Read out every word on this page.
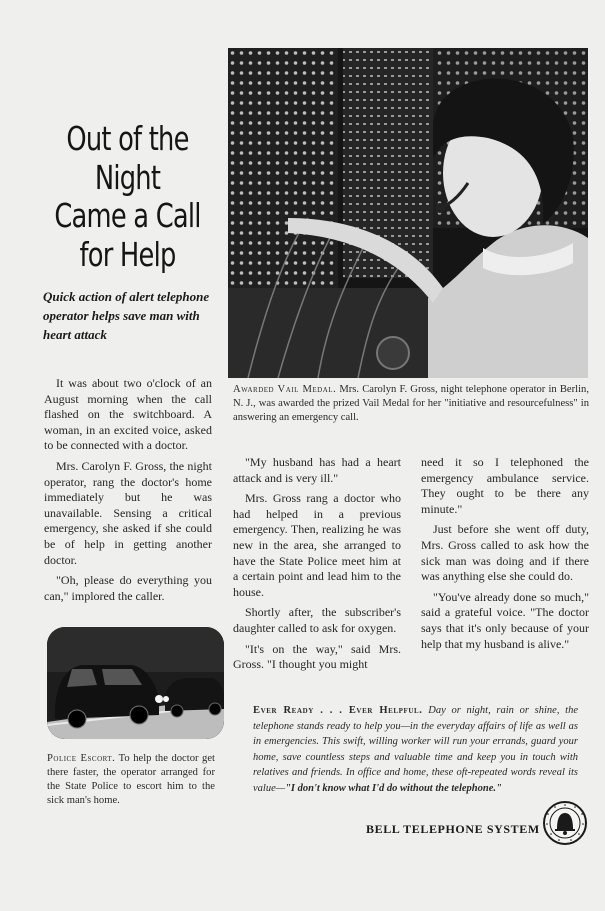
Out of the Night
Came a Call
for Help
Quick action of alert telephone operator helps save man with heart attack
Awarded Vail Medal. Mrs. Carolyn F. Gross, night telephone operator in Berlin, N. J., was awarded the prized Vail Medal for her "initiative and resourcefulness" in answering an emergency call.

It was about two o'clock of an August morning when the call flashed on the switchboard. A woman, in an excited voice, asked to be connected with a doctor.

Mrs. Carolyn F. Gross, the night operator, rang the doctor's home immediately but he was unavailable. Sensing a critical emergency, she asked if she could be of help in getting another doctor.

"Oh, please do everything you can," implored the caller.

"My husband has had a heart attack and is very ill."

Mrs. Gross rang a doctor who had helped in a previous emergency. Then, realizing he was new in the area, she arranged to have the State Police meet him at a certain point and lead him to the house.

Shortly after, the subscriber's daughter called to ask for oxygen.

"It's on the way," said Mrs. Gross. "I thought you might

need it so I telephoned the emergency ambulance service. They ought to be there any minute."

Just before she went off duty, Mrs. Gross called to ask how the sick man was doing and if there was anything else she could do.

"You've already done so much," said a grateful voice. "The doctor says that it's only because of your help that my husband is alive."

Police Escort. To help the doctor get there faster, the operator arranged for the State Police to escort him to the sick man's home.
Ever Ready . . . Ever Helpful. Day or night, rain or shine, the telephone stands ready to help you—in the everyday affairs of life as well as in emergencies. This swift, willing worker will run your errands, guard your home, save countless steps and valuable time and keep you in touch with relatives and friends. In office and home, these oft-repeated words reveal its value—"I don't know what I'd do without the telephone."
BELL TELEPHONE SYSTEM
